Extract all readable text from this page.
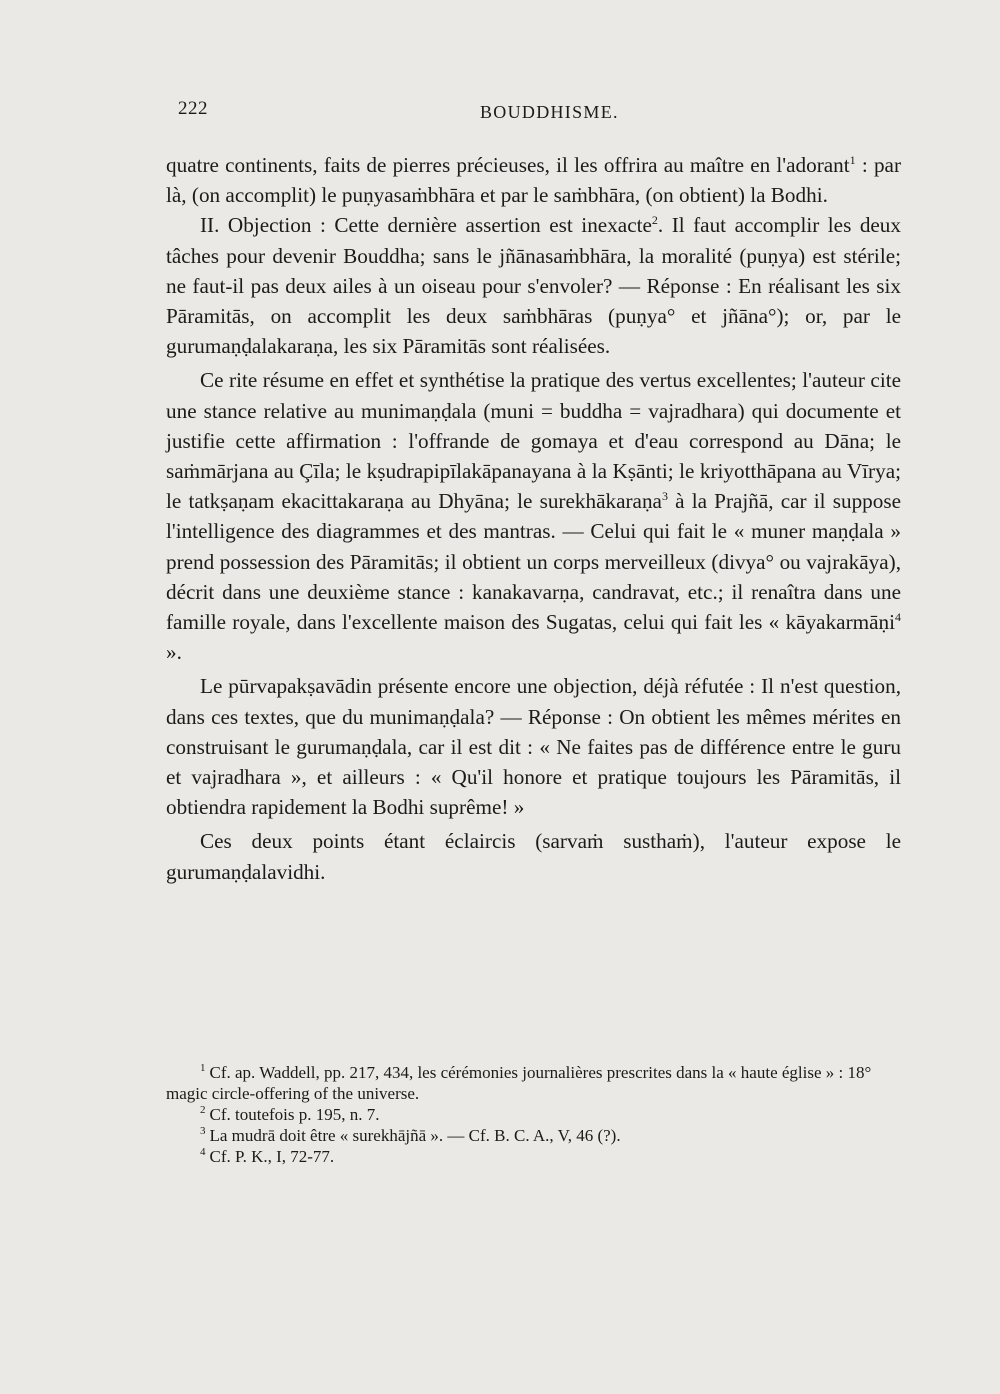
222	BOUDDHISME.

quatre continents, faits de pierres précieuses, il les offrira au maître en l'adorant$^1$ : par là, (on accomplit) le puṇyasaṁbhāra et par le saṁbhāra, (on obtient) la Bodhi.

II. Objection : Cette dernière assertion est inexacte$^2$. Il faut accomplir les deux tâches pour devenir Bouddha; sans le jñānasaṁbhāra, la moralité (puṇya) est stérile; ne faut-il pas deux ailes à un oiseau pour s'envoler? — Réponse : En réalisant les six Pāramitās, on accomplit les deux saṁbhāras (puṇya° et jñāna°); or, par le gurumaṇḍalakaraṇa, les six Pāramitās sont réalisées.

Ce rite résume en effet et synthétise la pratique des vertus excellentes; l'auteur cite une stance relative au munimaṇḍala (muni = buddha = vajradhara) qui documente et justifie cette affirmation : l'offrande de gomaya et d'eau correspond au Dāna; le saṁmārjana au Çīla; le kṣudrapipīlakāpanayana à la Kṣānti; le kriyotthāpana au Vīrya; le tatkṣaṇam ekacittakaraṇa au Dhyāna; le surekhākaraṇa$^3$ à la Prajñā, car il suppose l'intelligence des diagrammes et des mantras. — Celui qui fait le « muner maṇḍala » prend possession des Pāramitās; il obtient un corps merveilleux (divya° ou vajrakāya), décrit dans une deuxième stance : kanakavarṇa, candravat, etc.; il renaîtra dans une famille royale, dans l'excellente maison des Sugatas, celui qui fait les « kāyakarmāṇi$^4$ ».

Le pūrvapakṣavādin présente encore une objection, déjà réfutée : Il n'est question, dans ces textes, que du munimaṇḍala? — Réponse : On obtient les mêmes mérites en construisant le gurumaṇḍala, car il est dit : « Ne faites pas de différence entre le guru et vajradhara », et ailleurs : « Qu'il honore et pratique toujours les Pāramitās, il obtiendra rapidement la Bodhi suprême! »

Ces deux points étant éclaircis (sarvaṁ susthaṁ), l'auteur expose le gurumaṇḍalavidhi.

$^1$ Cf. ap. Waddell, pp. 217, 434, les cérémonies journalières prescrites dans la « haute église » : 18° magic circle-offering of the universe.

$^2$ Cf. toutefois p. 195, n. 7.

$^3$ La mudrā doit être « surekhājñā ». — Cf. B. C. A., V, 46 (?).

$^4$ Cf. P. K., I, 72-77.
